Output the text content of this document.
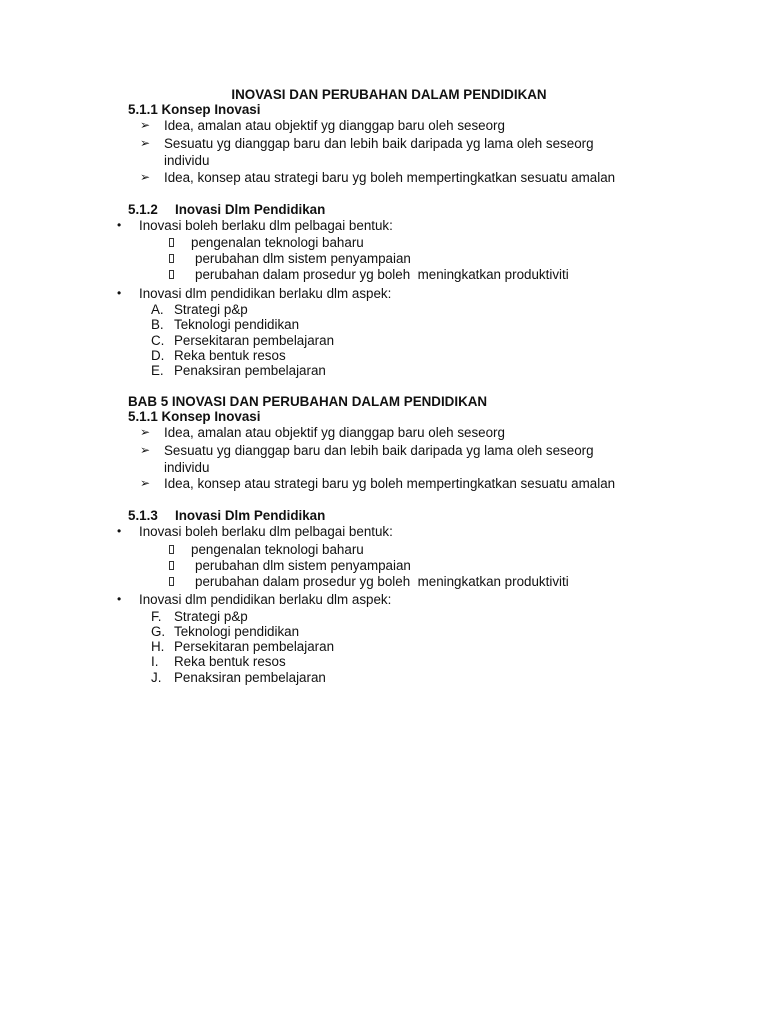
INOVASI DAN PERUBAHAN DALAM PENDIDIKAN
5.1.1 Konsep Inovasi
➢ Idea, amalan atau objektif yg dianggap baru oleh seseorg
➢ Sesuatu yg dianggap baru dan lebih baik daripada yg lama oleh seseorg
individu
➢ Idea, konsep atau strategi baru yg boleh mempertingkatkan sesuatu amalan
5.1.2 Inovasi Dlm Pendidikan
• Inovasi boleh berlaku dlm pelbagai bentuk:
pengenalan teknologi baharu
perubahan dlm sistem penyampaian
perubahan dalam prosedur yg boleh  meningkatkan produktiviti
• Inovasi dlm pendidikan berlaku dlm aspek:
A. Strategi p&p
B. Teknologi pendidikan
C. Persekitaran pembelajaran
D. Reka bentuk resos
E. Penaksiran pembelajaran
BAB 5 INOVASI DAN PERUBAHAN DALAM PENDIDIKAN
5.1.1 Konsep Inovasi
➢ Idea, amalan atau objektif yg dianggap baru oleh seseorg
➢ Sesuatu yg dianggap baru dan lebih baik daripada yg lama oleh seseorg
individu
➢ Idea, konsep atau strategi baru yg boleh mempertingkatkan sesuatu amalan
5.1.3 Inovasi Dlm Pendidikan
• Inovasi boleh berlaku dlm pelbagai bentuk:
pengenalan teknologi baharu
perubahan dlm sistem penyampaian
perubahan dalam prosedur yg boleh  meningkatkan produktiviti
• Inovasi dlm pendidikan berlaku dlm aspek:
F. Strategi p&p
G. Teknologi pendidikan
H. Persekitaran pembelajaran
I.	Reka bentuk resos
J. Penaksiran pembelajaran
